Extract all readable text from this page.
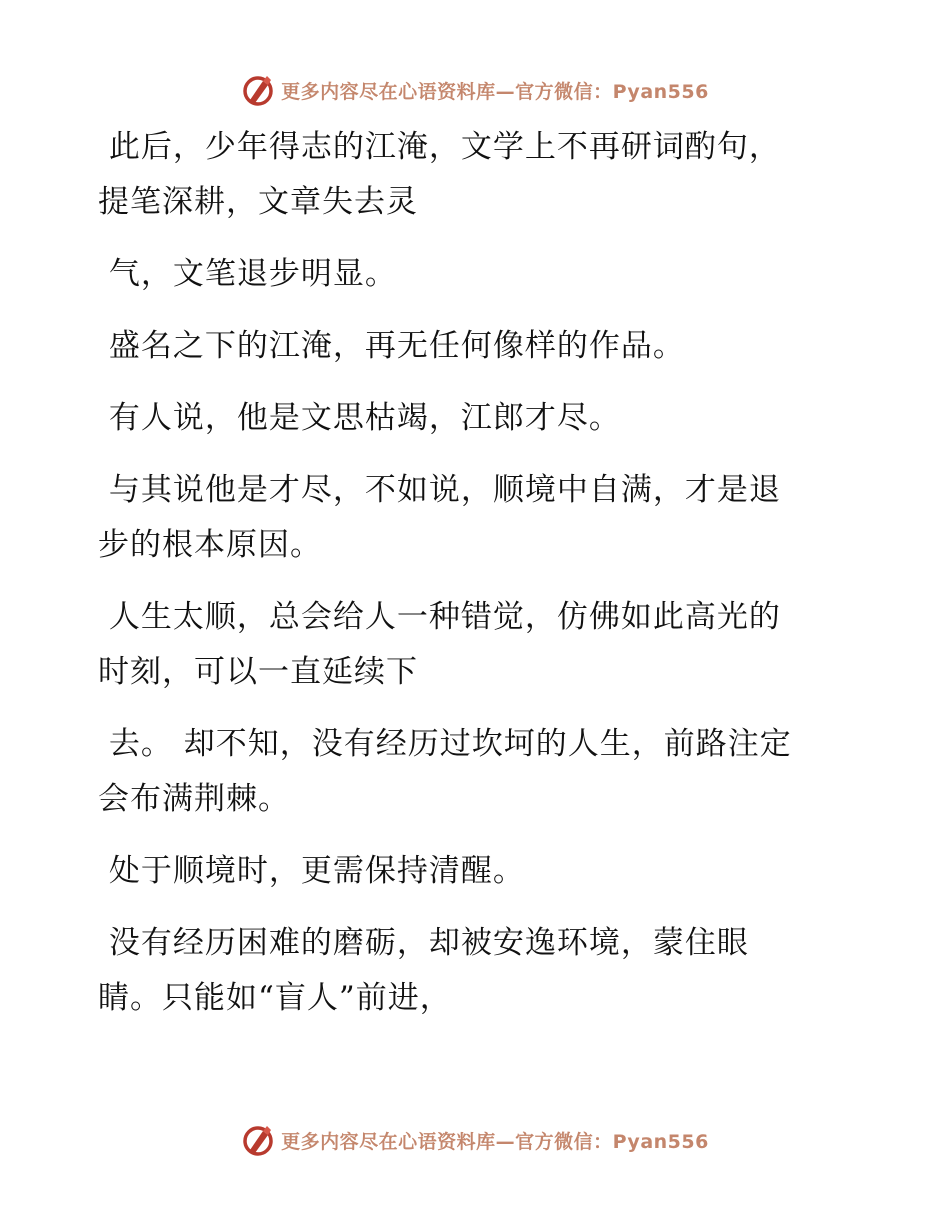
更多内容尽在心语资料库—官方微信：Pyan556

此后，少年得志的江淹，文学上不再研词酌句，
提笔深耕，文章失去灵

气，文笔退步明显。

盛名之下的江淹，再无任何像样的作品。

有人说，他是文思枯竭，江郎才尽。

与其说他是才尽，不如说，顺境中自满，才是退
步的根本原因。

人生太顺，总会给人一种错觉，仿佛如此高光的
时刻，可以一直延续下

去。 却不知，没有经历过坎坷的人生，前路注定
会布满荆棘。

处于顺境时，更需保持清醒。

没有经历困难的磨砺，却被安逸环境，蒙住眼
睛。只能如“盲人”前进，

更多内容尽在心语资料库—官方微信：Pyan556
